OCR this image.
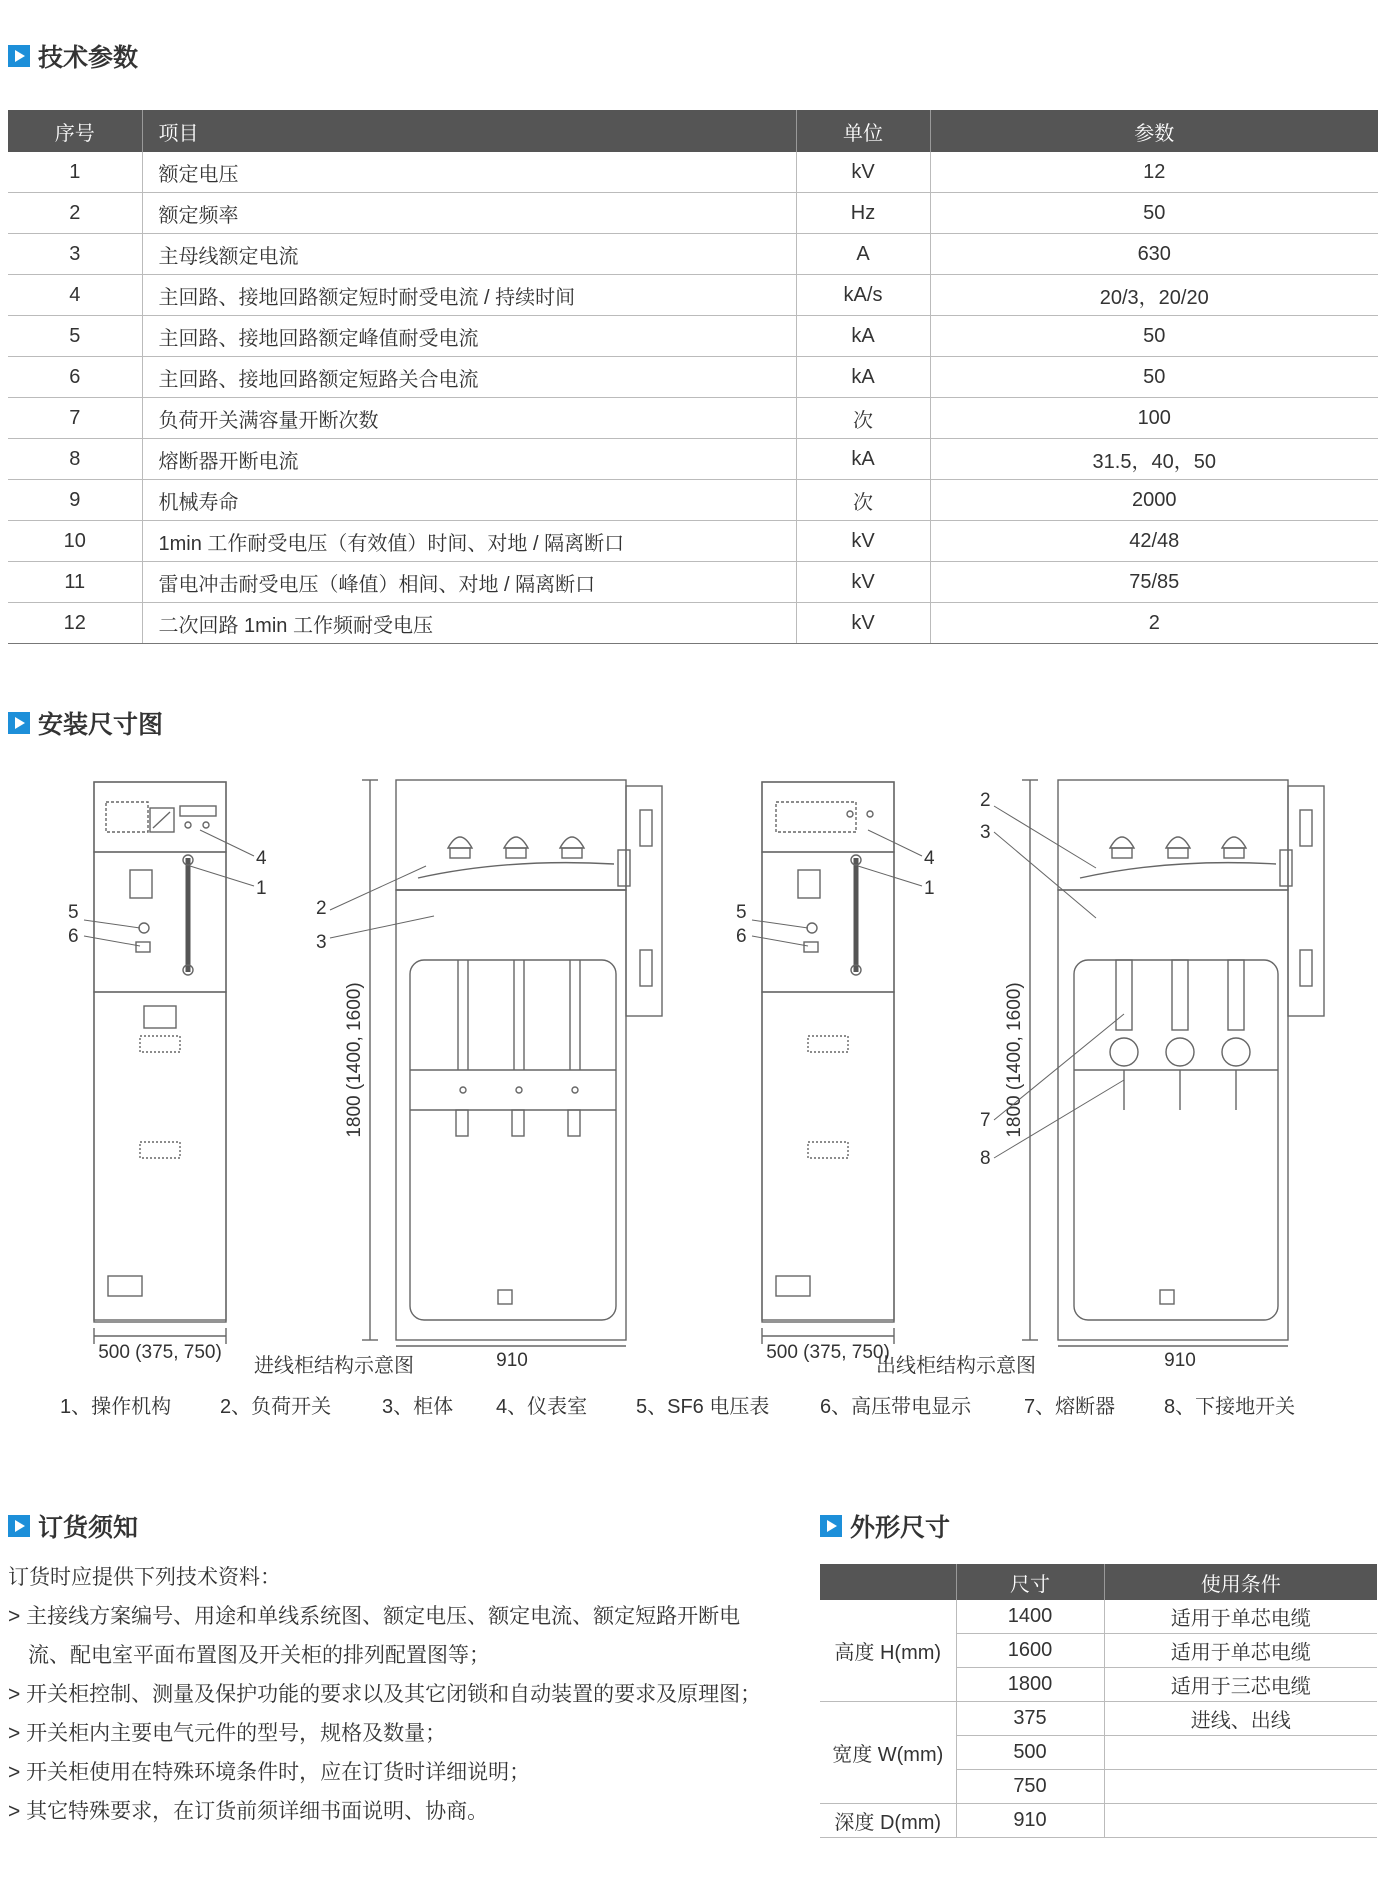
技术参数
序号	项目	单位	参数
1	额定电压	kV	12
2	额定频率	Hz	50
3	主母线额定电流	A	630
4	主回路、接地回路额定短时耐受电流 / 持续时间	kA/s	20/3，20/20
5	主回路、接地回路额定峰值耐受电流	kA	50
6	主回路、接地回路额定短路关合电流	kA	50
7	负荷开关满容量开断次数	次	100
8	熔断器开断电流	kA	31.5，40，50
9	机械寿命	次	2000
10	1min 工作耐受电压（有效值）时间、对地 / 隔离断口	kV	42/48
11	雷电冲击耐受电压（峰值）相间、对地 / 隔离断口	kV	75/85
12	二次回路 1min 工作频耐受电压	kV	2
安装尺寸图
500 (375, 750)
1800 (1400, 1600)
910	500 (375, 750)
1800 (1400, 1600)
910
4
1
5
6
2
3
4
1
5
6
2
3
7
8
进线柜结构示意图	出线柜结构示意图
1、操作机构 2、负荷开关	3、柜体 4、仪表室 5、SF6 电压表	6、高压带电显示	7、熔断器 8、下接地开关
订货须知
订货时应提供下列技术资料：
> 主接线方案编号、用途和单线系统图、额定电压、额定电流、额定短路开断电
流、配电室平面布置图及开关柜的排列配置图等；
> 开关柜控制、测量及保护功能的要求以及其它闭锁和自动装置的要求及原理图；
> 开关柜内主要电气元件的型号，规格及数量；
> 开关柜使用在特殊环境条件时，应在订货时详细说明；
> 其它特殊要求，在订货前须详细书面说明、协商。
外形尺寸
	尺寸	使用条件
高度 H(mm)	1400	适用于单芯电缆
	1600	适用于单芯电缆
	1800	适用于三芯电缆
宽度 W(mm)	375	进线、出线
	500	
	750	
深度 D(mm)	910	
